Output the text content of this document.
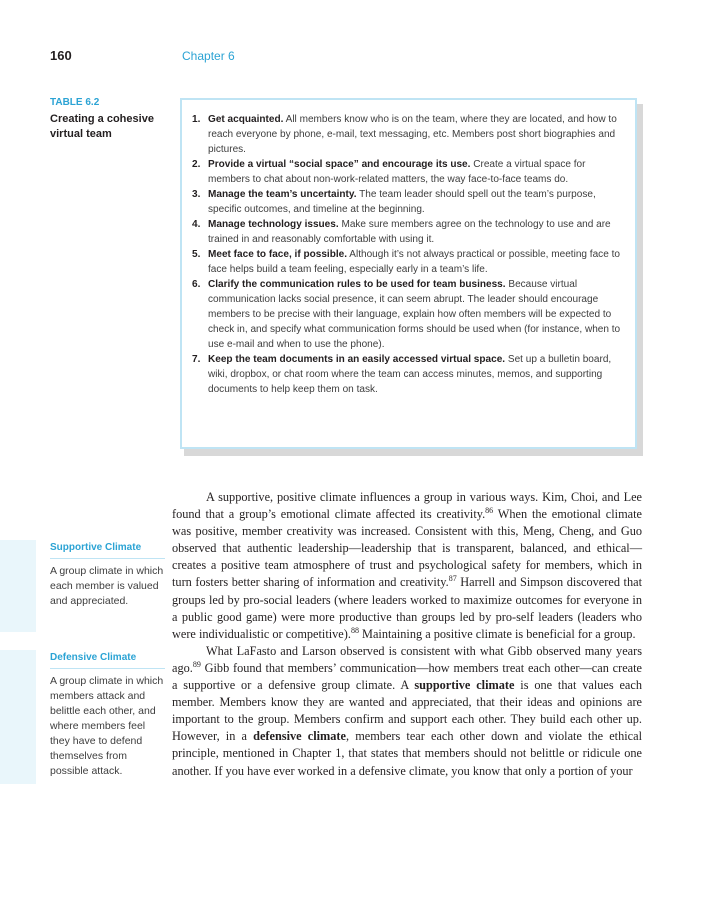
160	Chapter 6
TABLE 6.2
Creating a cohesive virtual team
1. Get acquainted. All members know who is on the team, where they are located, and how to reach everyone by phone, e-mail, text messaging, etc. Members post short biographies and pictures.
2. Provide a virtual “social space” and encourage its use. Create a virtual space for members to chat about non-work-related matters, the way face-to-face teams do.
3. Manage the team’s uncertainty. The team leader should spell out the team’s purpose, specific outcomes, and timeline at the beginning.
4. Manage technology issues. Make sure members agree on the technology to use and are trained in and reasonably comfortable with using it.
5. Meet face to face, if possible. Although it’s not always practical or possible, meeting face to face helps build a team feeling, especially early in a team’s life.
6. Clarify the communication rules to be used for team business. Because virtual communication lacks social presence, it can seem abrupt. The leader should encourage members to be precise with their language, explain how often members will be expected to check in, and specify what communication forms should be used when (for instance, when to use e-mail and when to use the phone).
7. Keep the team documents in an easily accessed virtual space. Set up a bulletin board, wiki, dropbox, or chat room where the team can access minutes, memos, and supporting documents to help keep them on task.
Supportive Climate
A group climate in which each member is valued and appreciated.
Defensive Climate
A group climate in which members attack and belittle each other, and where members feel they have to defend themselves from possible attack.

A supportive, positive climate influences a group in various ways. Kim, Choi, and Lee found that a group’s emotional climate affected its creativity.$^{86}$ When the emotional climate was positive, member creativity was increased. Consistent with this, Meng, Cheng, and Guo observed that authentic leadership—leadership that is transparent, balanced, and ethical—creates a positive team atmosphere of trust and psychological safety for members, which in turn fosters better sharing of information and creativity.$^{87}$ Harrell and Simpson discovered that groups led by pro-social leaders (where leaders worked to maximize outcomes for everyone in a public good game) were more productive than groups led by pro-self leaders (leaders who were individualistic or competitive).$^{88}$ Maintaining a positive climate is beneficial for a group.

What LaFasto and Larson observed is consistent with what Gibb observed many years ago.$^{89}$ Gibb found that members’ communication—how members treat each other—can create a supportive or a defensive group climate. A supportive climate is one that values each member. Members know they are wanted and appreciated, that their ideas and opinions are important to the group. Members confirm and support each other. They build each other up. However, in a defensive climate, members tear each other down and violate the ethical principle, mentioned in Chapter 1, that states that members should not belittle or ridicule one another. If you have ever worked in a defensive climate, you know that only a portion of your
